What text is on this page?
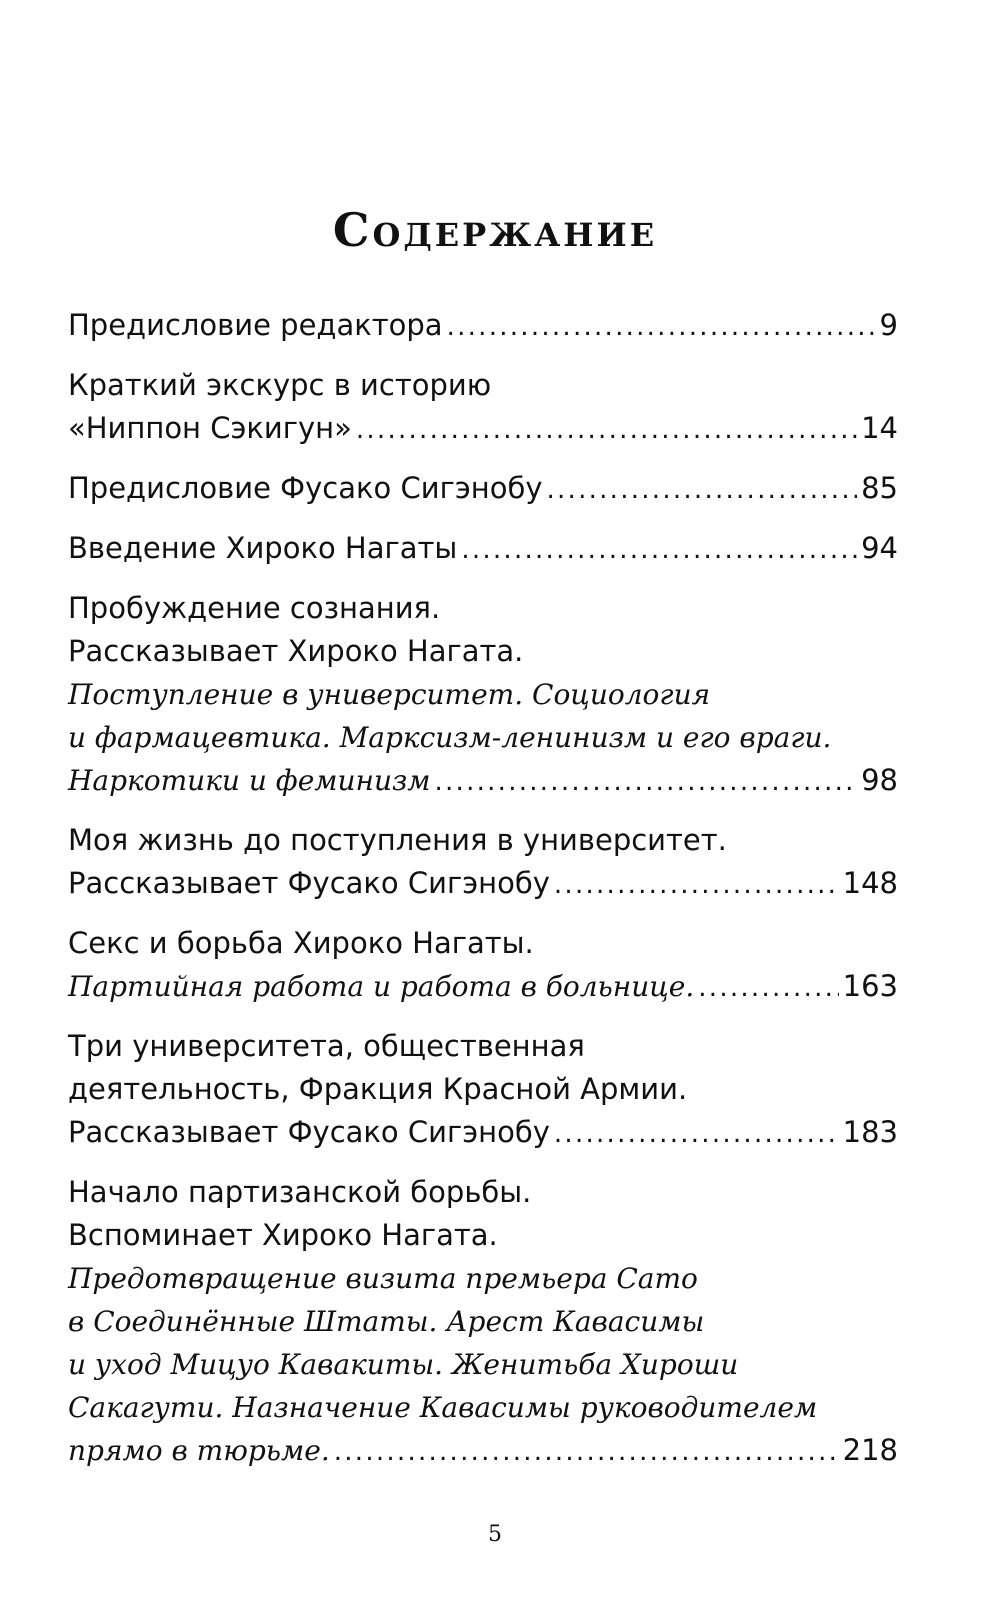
Содержание
Предисловие редактора . . .	9
Краткий экскурс в историю
«Ниппон Сэкигун» . . .	14
Предисловие Фусако Сигэнобу . . .	85
Введение Хироко Нагаты . . .	94
Пробуждение сознания.
Рассказывает Хироко Нагата.
Поступление в университет. Социология
и фармацевтика. Марксизм-ленинизм и его враги.
Наркотики и феминизм . . .	98
Моя жизнь до поступления в университет.
Рассказывает Фусако Сигэнобу . . .	148
Секс и борьба Хироко Нагаты.
Партийная работа и работа в больнице. . . .	163
Три университета, общественная
деятельность, Фракция Красной Армии.
Рассказывает Фусако Сигэнобу . . .	183
Начало партизанской борьбы.
Вспоминает Хироко Нагата.
Предотвращение визита премьера Сато
в Соединённые Штаты. Арест Кавасимы
и уход Мицуо Кавакиты. Женитьба Хироши
Сакагути. Назначение Кавасимы руководителем
прямо в тюрьме. . . .	218
5
